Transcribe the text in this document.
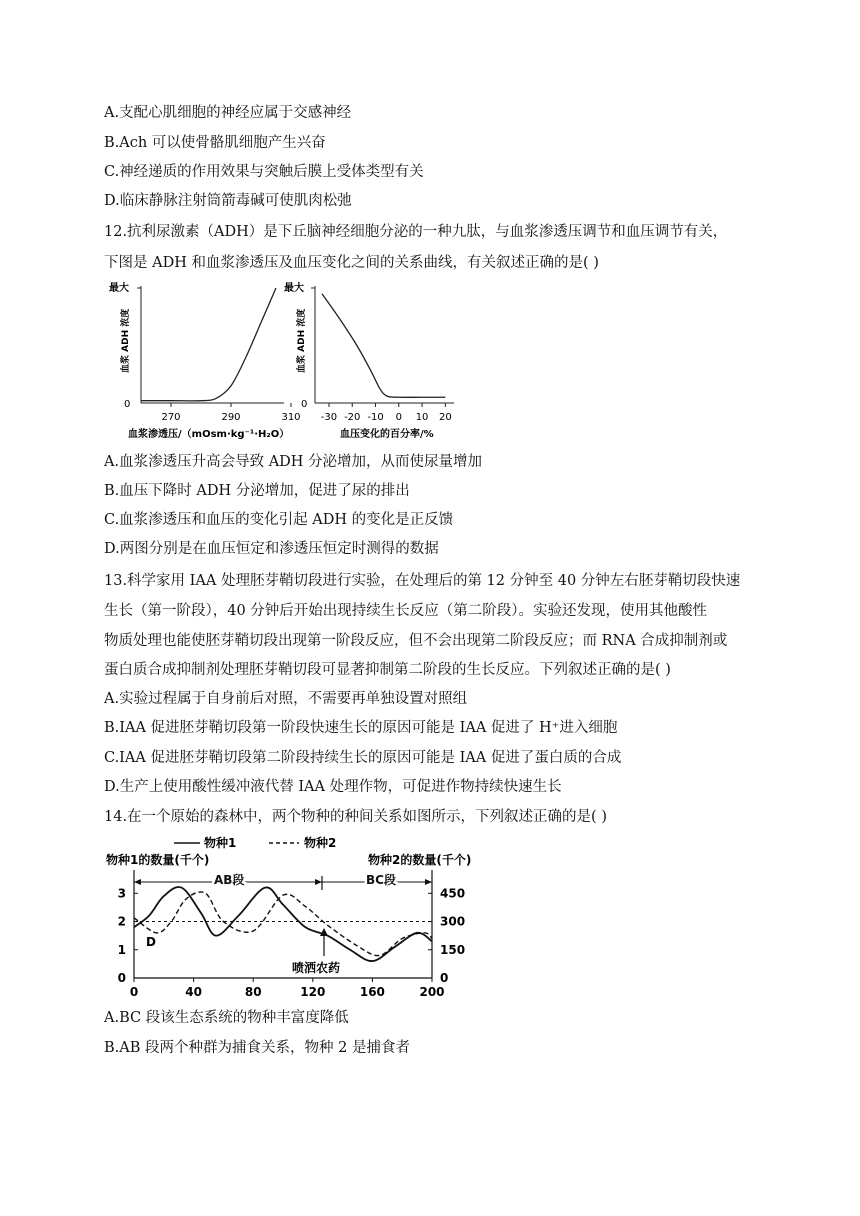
A.支配心肌细胞的神经应属于交感神经
B.Ach 可以使骨骼肌细胞产生兴奋
C.神经递质的作用效果与突触后膜上受体类型有关
D.临床静脉注射筒箭毒碱可使肌肉松弛
12.抗利尿激素（ADH）是下丘脑神经细胞分泌的一种九肽，与血浆渗透压调节和血压调节有关，
下图是 ADH 和血浆渗透压及血压变化之间的关系曲线，有关叙述正确的是( )
最大
0
血浆 ADH 浓度
270	290	310
血浆渗透压/（mOsm·kg⁻¹·H₂O）
最大
0
血浆 ADH 浓度
-30 -20 -10 0 10 20
血压变化的百分率/%
A.血浆渗透压升高会导致 ADH 分泌增加，从而使尿量增加
B.血压下降时 ADH 分泌增加，促进了尿的排出
C.血浆渗透压和血压的变化引起 ADH 的变化是正反馈
D.两图分别是在血压恒定和渗透压恒定时测得的数据
13.科学家用 IAA 处理胚芽鞘切段进行实验，在处理后的第 12 分钟至 40 分钟左右胚芽鞘切段快速
生长（第一阶段），40 分钟后开始出现持续生长反应（第二阶段）。实验还发现，使用其他酸性
物质处理也能使胚芽鞘切段出现第一阶段反应，但不会出现第二阶段反应；而 RNA 合成抑制剂或
蛋白质合成抑制剂处理胚芽鞘切段可显著抑制第二阶段的生长反应。下列叙述正确的是( )
A.实验过程属于自身前后对照，不需要再单独设置对照组
B.IAA 促进胚芽鞘切段第一阶段快速生长的原因可能是 IAA 促进了 H⁺进入细胞
C.IAA 促进胚芽鞘切段第二阶段持续生长的原因可能是 IAA 促进了蛋白质的合成
D.生产上使用酸性缓冲液代替 IAA 处理作物，可促进作物持续快速生长
14.在一个原始的森林中，两个物种的种间关系如图所示，下列叙述正确的是( )
物种1	物种2
物种1的数量(千个)	物种2的数量(千个)
0	40	80	120	160	200
0
1
2
3
0
150
300
450
AB段	BC段
D
喷洒农药
A.BC 段该生态系统的物种丰富度降低
B.AB 段两个种群为捕食关系，物种 2 是捕食者
